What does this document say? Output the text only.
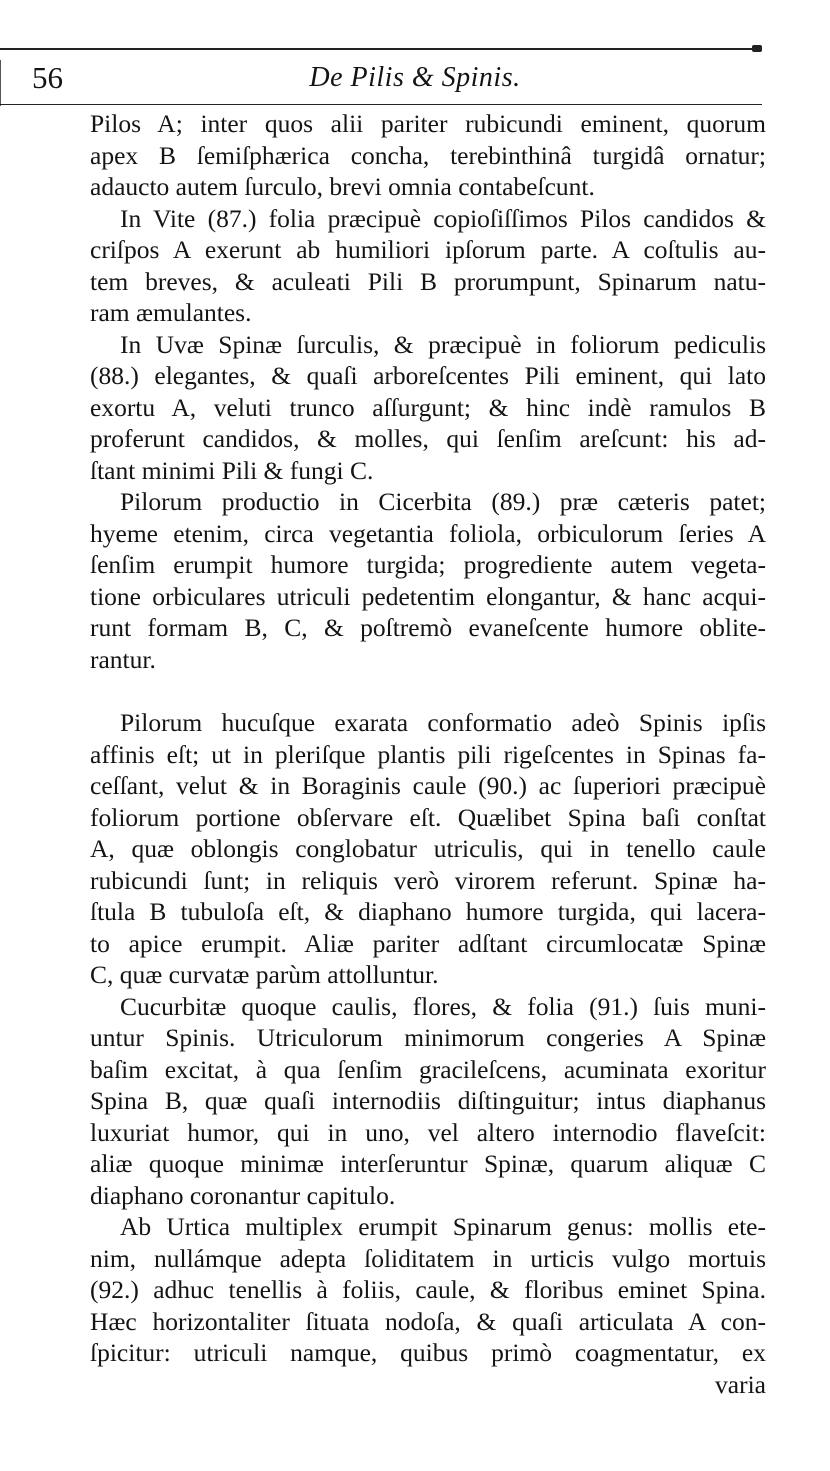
56	De Pilis & Spinis.
Pilos A; inter quos alii pariter rubicundi eminent, quorum
apex B ſemiſphærica concha, terebinthinâ turgidâ ornatur;
adaucto autem ſurculo, brevi omnia contabeſcunt.
In Vite (87.) folia præcipuè copioſiſſimos Pilos candidos &
criſpos A exerunt ab humiliori ipſorum parte. A coſtulis au-
tem breves, & aculeati Pili B prorumpunt, Spinarum natu-
ram æmulantes.
In Uvæ Spinæ ſurculis, & præcipuè in foliorum pediculis
(88.) elegantes, & quaſi arboreſcentes Pili eminent, qui lato
exortu A, veluti trunco aſſurgunt; & hinc indè ramulos B
proferunt candidos, & molles, qui ſenſim areſcunt: his ad-
ſtant minimi Pili & fungi C.
Pilorum productio in Cicerbita (89.) præ cæteris patet;
hyeme etenim, circa vegetantia foliola, orbiculorum ſeries A
ſenſim erumpit humore turgida; progrediente autem vegeta-
tione orbiculares utriculi pedetentim elongantur, & hanc acqui-
runt formam B, C, & poſtremò evaneſcente humore oblite-
rantur.
Pilorum hucuſque exarata conformatio adeò Spinis ipſis
affinis eſt; ut in pleriſque plantis pili rigeſcentes in Spinas fa-
ceſſant, velut & in Boraginis caule (90.) ac ſuperiori præcipuè
foliorum portione obſervare eſt. Quælibet Spina baſi conſtat
A, quæ oblongis conglobatur utriculis, qui in tenello caule
rubicundi ſunt; in reliquis verò virorem referunt. Spinæ ha-
ſtula B tubuloſa eſt, & diaphano humore turgida, qui lacera-
to apice erumpit. Aliæ pariter adſtant circumlocatæ Spinæ
C, quæ curvatæ parùm attolluntur.
Cucurbitæ quoque caulis, flores, & folia (91.) ſuis muni-
untur Spinis. Utriculorum minimorum congeries A Spinæ
baſim excitat, à qua ſenſim gracileſcens, acuminata exoritur
Spina B, quæ quaſi internodiis diſtinguitur; intus diaphanus
luxuriat humor, qui in uno, vel altero internodio flaveſcit:
aliæ quoque minimæ interſeruntur Spinæ, quarum aliquæ C
diaphano coronantur capitulo.
Ab Urtica multiplex erumpit Spinarum genus: mollis ete-
nim, nullámque adepta ſoliditatem in urticis vulgo mortuis
(92.) adhuc tenellis à foliis, caule, & floribus eminet Spina.
Hæc horizontaliter ſituata nodoſa, & quaſi articulata A con-
ſpicitur: utriculi namque, quibus primò coagmentatur, ex
varia
